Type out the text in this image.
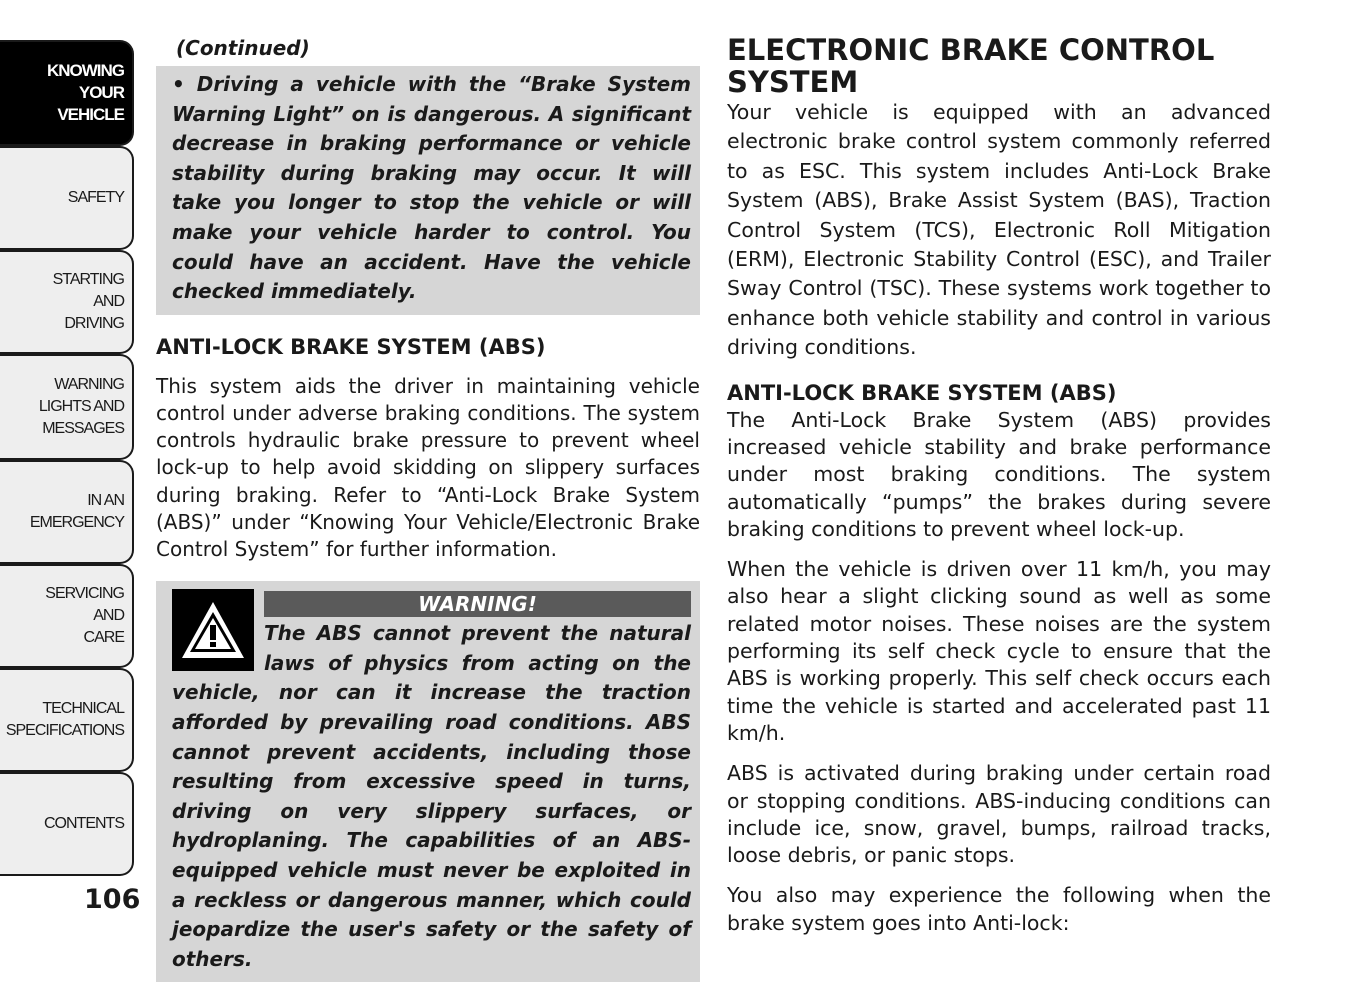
KNOWING
YOUR
VEHICLE
SAFETY
STARTING
AND
DRIVING
WARNING
LIGHTS AND
MESSAGES
IN AN
EMERGENCY
SERVICING
AND
CARE
TECHNICAL
SPECIFICATIONS
CONTENTS
106
(Continued)
• Driving a vehicle with the “Brake System Warning Light” on is dangerous. A significant decrease in braking performance or vehicle stability during braking may occur. It will take you longer to stop the vehicle or will make your vehicle harder to control. You could have an accident. Have the vehicle checked immediately.
ANTI-LOCK BRAKE SYSTEM (ABS)

This system aids the driver in maintaining vehicle control under adverse braking conditions. The system controls hydraulic brake pressure to prevent wheel lock-up to help avoid skidding on slippery surfaces during braking. Refer to “Anti-Lock Brake System (ABS)” under “Knowing Your Vehicle/Electronic Brake Control System” for further information.

WARNING!
The ABS cannot prevent the natural laws of physics from acting on the vehicle, nor can it increase the traction afforded by prevailing road conditions. ABS cannot prevent accidents, including those resulting from excessive speed in turns, driving on very slippery surfaces, or hydroplaning. The capabilities of an ABS-equipped vehicle must never be exploited in a reckless or dangerous manner, which could jeopardize the user's safety or the safety of others.
ELECTRONIC BRAKE CONTROL SYSTEM

Your vehicle is equipped with an advanced electronic brake control system commonly referred to as ESC. This system includes Anti-Lock Brake System (ABS), Brake Assist System (BAS), Traction Control System (TCS), Electronic Roll Mitigation (ERM), Electronic Stability Control (ESC), and Trailer Sway Control (TSC). These systems work together to enhance both vehicle stability and control in various driving conditions.

ANTI-LOCK BRAKE SYSTEM (ABS)

The Anti-Lock Brake System (ABS) provides increased vehicle stability and brake performance under most braking conditions. The system automatically “pumps” the brakes during severe braking conditions to prevent wheel lock-up.

When the vehicle is driven over 11 km/h, you may also hear a slight clicking sound as well as some related motor noises. These noises are the system performing its self check cycle to ensure that the ABS is working properly. This self check occurs each time the vehicle is started and accelerated past 11 km/h.

ABS is activated during braking under certain road or stopping conditions. ABS-inducing conditions can include ice, snow, gravel, bumps, railroad tracks, loose debris, or panic stops.

You also may experience the following when the brake system goes into Anti-lock:
